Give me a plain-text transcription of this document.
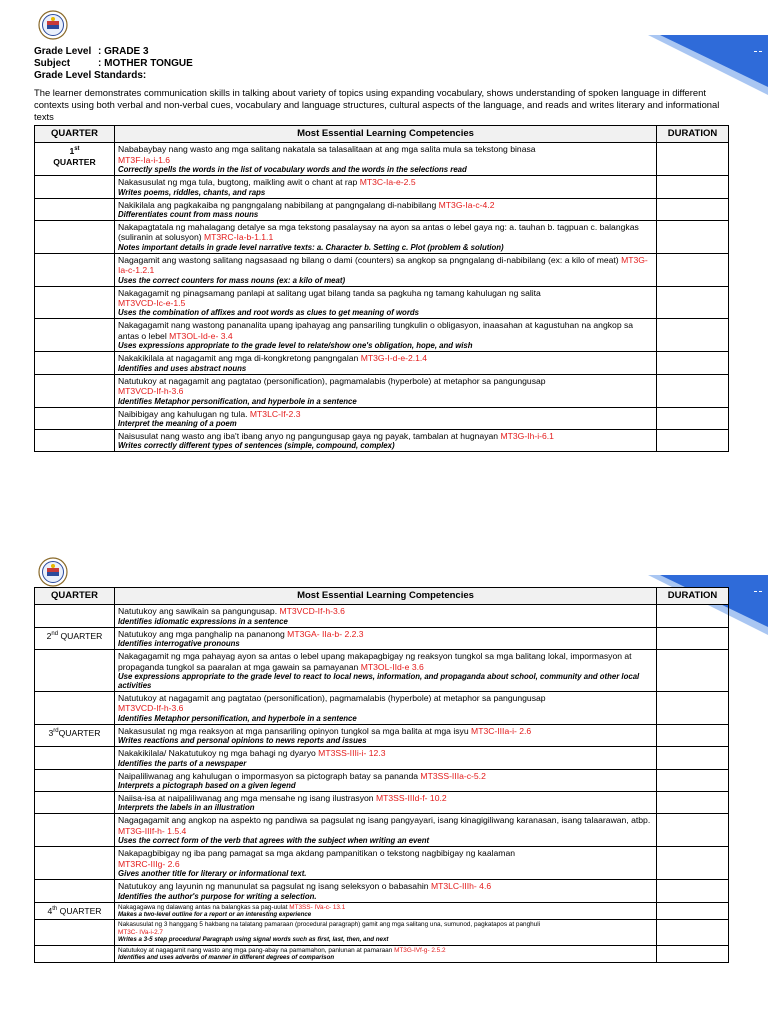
Grade Level : GRADE 3
Subject	: MOTHER TONGUE
Grade Level Standards:
The learner demonstrates communication skills in talking about variety of topics using expanding vocabulary, shows understanding of spoken language in different contexts using both verbal and non-verbal cues, vocabulary and language structures, cultural aspects of the language, and reads and writes literary and informational texts
QUARTER	Most Essential Learning Competencies	DURATION
1st
QUARTER	Nababaybay nang wasto ang mga salitang nakatala sa talasalitaan at ang mga salita mula sa tekstong binasa
MT3F-Ia-i-1.6
Correctly spells the words in the list of vocabulary words and the words in the selections read	

	Nakasusulat ng mga tula, bugtong, maikling awit o chant at rap MT3C-Ia-e-2.5
Writes poems, riddles, chants, and raps	

	Nakikilala ang pagkakaiba ng pangngalang nabibilang at pangngalang di-nabibilang MT3G-Ia-c-4.2
Differentiates count from mass nouns	

	Nakapagtatala ng mahalagang detalye sa mga tekstong pasalaysay na ayon sa antas o lebel gaya ng: a. tauhan b. tagpuan c. balangkas (suliranin at solusyon) MT3RC-Ia-b-1.1.1
Notes important details in grade level narrative texts: a. Character b. Setting c. Plot (problem & solution)	

	Nagagamit ang wastong salitang nagsasaad ng bilang o dami (counters) sa angkop sa pngngalang di-nabibilang (ex: a kilo of meat) MT3G-Ia-c-1.2.1
Uses the correct counters for mass nouns (ex: a kilo of meat)	

	Nakagagamit ng pinagsamang panlapi at salitang ugat bilang tanda sa pagkuha ng tamang kahulugan ng salita
MT3VCD-Ic-e-1.5
Uses the combination of affixes and root words as clues to get meaning of words	

	Nakagagamit nang wastong pananalita upang ipahayag ang pansariling tungkulin o obligasyon, inaasahan at kagustuhan na angkop sa antas o lebel MT3OL-Id-e- 3.4
Uses expressions appropriate to the grade level to relate/show one's obligation, hope, and wish	

	Nakakikilala at nagagamit ang mga di-kongkretong pangngalan MT3G-I-d-e-2.1.4
Identifies and uses abstract nouns	

	Natutukoy at nagagamit ang pagtatao (personification), pagmamalabis (hyperbole) at metaphor sa pangungusap
MT3VCD-If-h-3.6
Identifies Metaphor personification, and hyperbole in a sentence	

	Naibibigay ang kahulugan ng tula. MT3LC-If-2.3
Interpret the meaning of a poem	

	Naisusulat nang wasto ang iba't ibang anyo ng pangungusap gaya ng payak, tambalan at hugnayan MT3G-Ih-i-6.1
Writes correctly different types of sentences (simple, compound, complex)	

QUARTER	Most Essential Learning Competencies	DURATION
	Natutukoy ang sawikain sa pangungusap. MT3VCD-If-h-3.6
Identifies idiomatic expressions in a sentence	

2nd QUARTER	Natutukoy ang mga panghalip na pananong MT3GA- IIa-b- 2.2.3
Identifies interrogative pronouns	

	Nakagagamit ng mga pahayag ayon sa antas o lebel upang makapagbigay ng reaksyon tungkol sa mga balitang lokal, impormasyon at propaganda tungkol sa paaralan at mga gawain sa pamayanan MT3OL-IId-e 3.6
Use expressions appropriate to the grade level to react to local news, information, and propaganda about school, community and other local activities	

	Natutukoy at nagagamit ang pagtatao (personification), pagmamalabis (hyperbole) at metaphor sa pangungusap
MT3VCD-If-h-3.6
Identifies Metaphor personification, and hyperbole in a sentence	

3rdQUARTER	Nakasusulat ng mga reaksyon at mga pansariling opinyon tungkol sa mga balita at mga isyu MT3C-IIIa-i- 2.6
Writes reactions and personal opinions to news reports and issues	

	Nakakikilala/ Nakatutukoy ng mga bahagi ng dyaryo MT3SS-IIIi-i- 12.3
Identifies the parts of a newspaper	

	Naipaliliwanag ang kahulugan o impormasyon sa pictograph batay sa pananda MT3SS-IIIa-c-5.2
Interprets a pictograph based on a given legend	

	Naiisa-isa at naipaliliwanag ang mga mensahe ng isang ilustrasyon MT3SS-IIId-f- 10.2
Interprets the labels in an illustration	

	Nagagagamit ang angkop na aspekto ng pandiwa sa pagsulat ng isang pangyayari, isang kinagigiliwang karanasan, isang talaarawan, atbp. MT3G-IIIf-h- 1.5.4
Uses the correct form of the verb that agrees with the subject when writing an event	

	Nakapagbibigay ng iba pang pamagat sa mga akdang pampanitikan o tekstong nagbibigay ng kaalaman
MT3RC-IIIg- 2.6
Gives another title for literary or informational text.	

	Natutukoy ang layunin ng manunulat sa pagsulat ng isang seleksyon o babasahin MT3LC-IIIh- 4.6
Identifies the author's purpose for writing a selection.	

4th QUARTER	Nakagagawa ng dalawang antas na balangkas sa pag-uulat MT3SS- IVa-c- 13.1
Makes a two-level outline for a report or an interesting experience	

	Nakasusulat ng 3 hanggang 5 hakbang na talatang pamaraan (procedural paragraph) gamit ang mga salitang una, sumunod, pagkatapos at panghuli
MT3C- IVa-i-2.7
Writes a 3-5 step procedural Paragraph using signal words such as first, last, then, and next	

	Natutukoy at nagagamit nang wasto ang mga pang-abay na pamamahon, panlunan at pamaraan MT3G-IVf-g- 2.5.2
Identifies and uses adverbs of manner in different degrees of comparison	
